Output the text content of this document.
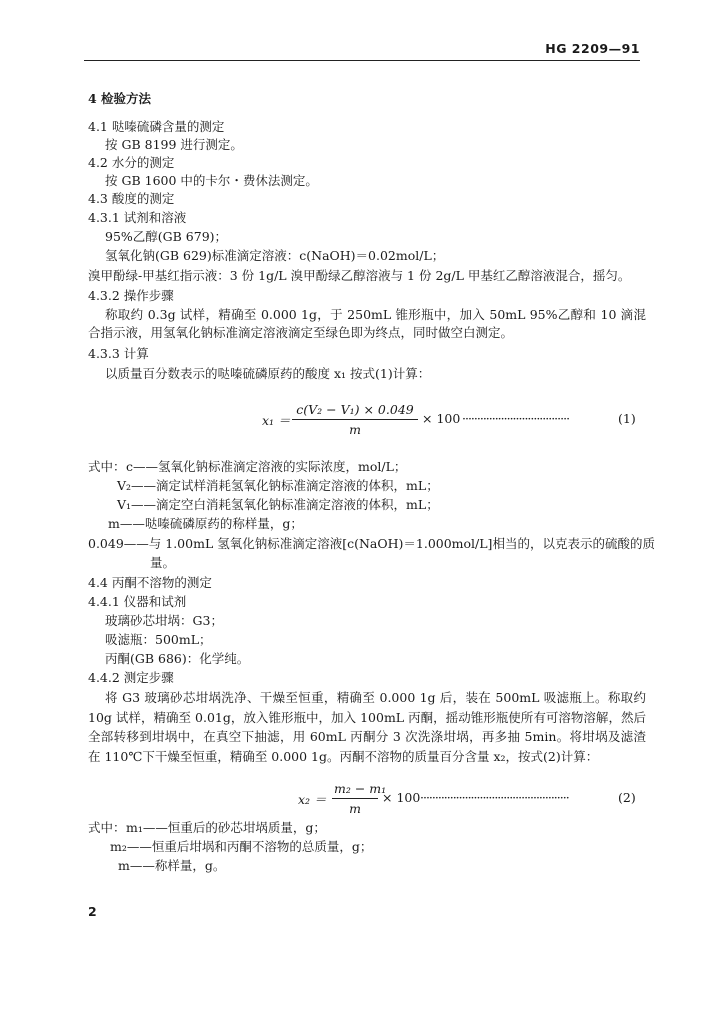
HG 2209—91

4 检验方法

4.1 哒嗪硫磷含量的测定

按 GB 8199 进行测定。

4.2 水分的测定

按 GB 1600 中的卡尔・费休法测定。

4.3 酸度的测定

4.3.1 试剂和溶液

95%乙醇(GB 679)；

氢氧化钠(GB 629)标准滴定溶液：c(NaOH)＝0.02mol/L；

溴甲酚绿-甲基红指示液：3 份 1g/L 溴甲酚绿乙醇溶液与 1 份 2g/L 甲基红乙醇溶液混合，摇匀。

4.3.2 操作步骤

称取约 0.3g 试样，精确至 0.000 1g，于 250mL 锥形瓶中，加入 50mL 95%乙醇和 10 滴混合指示液，用氢氧化钠标准滴定溶液滴定至绿色即为终点，同时做空白测定。

4.3.3 计算

以质量百分数表示的哒嗪硫磷原药的酸度 x₁ 按式(1)计算：

$x_1 = \frac{\text{c(V₂ − V₁) × 0.049}}{m} \times 100$ ····································	(1)

式中： c——氢氧化钠标准滴定溶液的实际浓度，mol/L；

V₂——滴定试样消耗氢氧化钠标准滴定溶液的体积，mL；

V₁——滴定空白消耗氢氧化钠标准滴定溶液的体积，mL；

m——哒嗪硫磷原药的称样量，g；

0.049——与 1.00mL 氢氧化钠标准滴定溶液[c(NaOH)＝1.000mol/L]相当的，以克表示的硫酸的质

量。

4.4 丙酮不溶物的测定

4.4.1 仪器和试剂

玻璃砂芯坩埚：G3；

吸滤瓶：500mL；

丙酮(GB 686)：化学纯。

4.4.2 测定步骤

将 G3 玻璃砂芯坩埚洗净、干燥至恒重，精确至 0.000 1g 后，装在 500mL 吸滤瓶上。称取约 10g 试样，精确至 0.01g，放入锥形瓶中，加入 100mL 丙酮，摇动锥形瓶使所有可溶物溶解，然后全部转移到坩埚中，在真空下抽滤，用 60mL 丙酮分 3 次洗涤坩埚，再多抽 5min。将坩埚及滤渣在 110℃下干燥至恒重，精确至 0.000 1g。丙酮不溶物的质量百分含量 x₂，按式(2)计算：

$x_2 = \frac{\text{m₂ − m₁}}{m} \times 100$ ··················································	(2)

式中： m₁——恒重后的砂芯坩埚质量，g；

m₂——恒重后坩埚和丙酮不溶物的总质量，g；

m——称样量，g。

2
